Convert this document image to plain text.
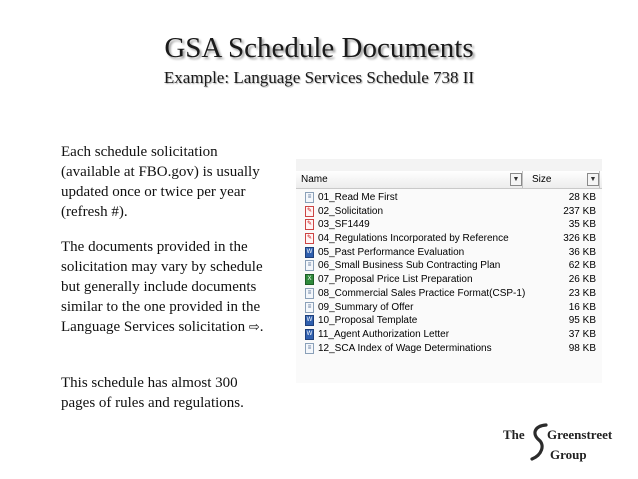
GSA Schedule Documents
Example: Language Services Schedule 738 II
Each schedule solicitation (available at FBO.gov) is usually updated once or twice per year (refresh #).
The documents provided in the solicitation may vary by schedule but generally include documents similar to the one provided in the Language Services solicitation ⇨.
This schedule has almost 300 pages of rules and regulations.
Name	▼ Size	▼
≡ 01_Read Me First	28 KB
✎ 02_Solicitation	237 KB
✎ 03_SF1449	35 KB
✎ 04_Regulations Incorporated by Reference	326 KB
W 05_Past Performance Evaluation	36 KB
≡ 06_Small Business Sub Contracting Plan	62 KB
X 07_Proposal Price List Preparation	26 KB
≡ 08_Commercial Sales Practice Format(CSP-1)	23 KB
≡ 09_Summary of Offer	16 KB
W 10_Proposal Template	95 KB
W 11_Agent Authorization Letter	37 KB
≡ 12_SCA Index of Wage Determinations	98 KB
The Greenstreet
Group
